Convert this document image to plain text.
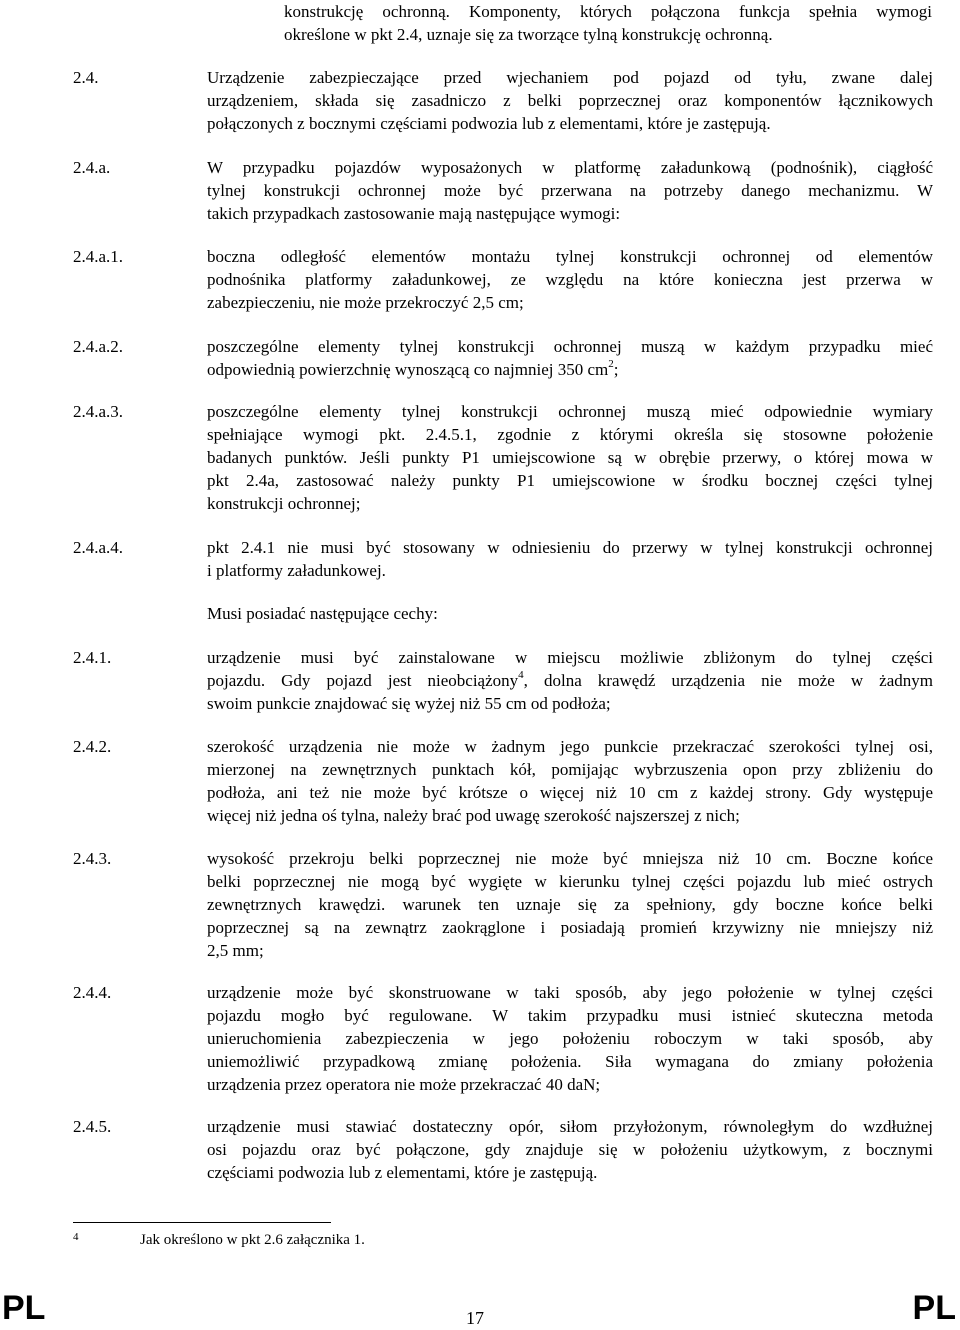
konstrukcję ochronną. Komponenty, których połączona funkcja spełnia wymogi
określone w pkt 2.4, uznaje się za tworzące tylną konstrukcję ochronną.
2.4.	Urządzenie zabezpieczające przed wjechaniem pod pojazd od tyłu, zwane dalej
urządzeniem, składa się zasadniczo z belki poprzecznej oraz komponentów łącznikowych
połączonych z bocznymi częściami podwozia lub z elementami, które je zastępują.
2.4.a.	W przypadku pojazdów wyposażonych w platformę załadunkową (podnośnik), ciągłość
tylnej konstrukcji ochronnej może być przerwana na potrzeby danego mechanizmu. W
takich przypadkach zastosowanie mają następujące wymogi:
2.4.a.1.	boczna odległość elementów montażu tylnej konstrukcji ochronnej od elementów
podnośnika platformy załadunkowej, ze względu na które konieczna jest przerwa w
zabezpieczeniu, nie może przekroczyć 2,5 cm;
2.4.a.2.	poszczególne elementy tylnej konstrukcji ochronnej muszą w każdym przypadku mieć
odpowiednią powierzchnię wynoszącą co najmniej 350 $cm^2$;
2.4.a.3.	poszczególne elementy tylnej konstrukcji ochronnej muszą mieć odpowiednie wymiary
spełniające wymogi pkt. 2.4.5.1, zgodnie z którymi określa się stosowne położenie
badanych punktów. Jeśli punkty P1 umiejscowione są w obrębie przerwy, o której mowa w
pkt 2.4a, zastosować należy punkty P1 umiejscowione w środku bocznej części tylnej
konstrukcji ochronnej;
2.4.a.4.	pkt 2.4.1 nie musi być stosowany w odniesieniu do przerwy w tylnej konstrukcji ochronnej
i platformy załadunkowej.
Musi posiadać następujące cechy:
2.4.1.	urządzenie musi być zainstalowane w miejscu możliwie zbliżonym do tylnej części
pojazdu. Gdy pojazd jest nieobciążony$^4$, dolna krawędź urządzenia nie może w żadnym
swoim punkcie znajdować się wyżej niż 55 cm od podłoża;
2.4.2.	szerokość urządzenia nie może w żadnym jego punkcie przekraczać szerokości tylnej osi,
mierzonej na zewnętrznych punktach kół, pomijając wybrzuszenia opon przy zbliżeniu do
podłoża, ani też nie może być krótsze o więcej niż 10 cm z każdej strony. Gdy występuje
więcej niż jedna oś tylna, należy brać pod uwagę szerokość najszerszej z nich;
2.4.3.	wysokość przekroju belki poprzecznej nie może być mniejsza niż 10 cm. Boczne końce
belki poprzecznej nie mogą być wygięte w kierunku tylnej części pojazdu lub mieć ostrych
zewnętrznych krawędzi. warunek ten uznaje się za spełniony, gdy boczne końce belki
poprzecznej są na zewnątrz zaokrąglone i posiadają promień krzywizny nie mniejszy niż
2,5 mm;
2.4.4.	urządzenie może być skonstruowane w taki sposób, aby jego położenie w tylnej części
pojazdu mogło być regulowane. W takim przypadku musi istnieć skuteczna metoda
unieruchomienia zabezpieczenia w jego położeniu roboczym w taki sposób, aby
uniemożliwić przypadkową zmianę położenia. Siła wymagana do zmiany położenia
urządzenia przez operatora nie może przekraczać 40 daN;
2.4.5.	urządzenie musi stawiać dostateczny opór, siłom przyłożonym, równoległym do wzdłużnej
osi pojazdu oraz być połączone, gdy znajduje się w położeniu użytkowym, z bocznymi
częściami podwozia lub z elementami, które je zastępują.
4	Jak określono w pkt 2.6 załącznika 1.
PL	17	PL
